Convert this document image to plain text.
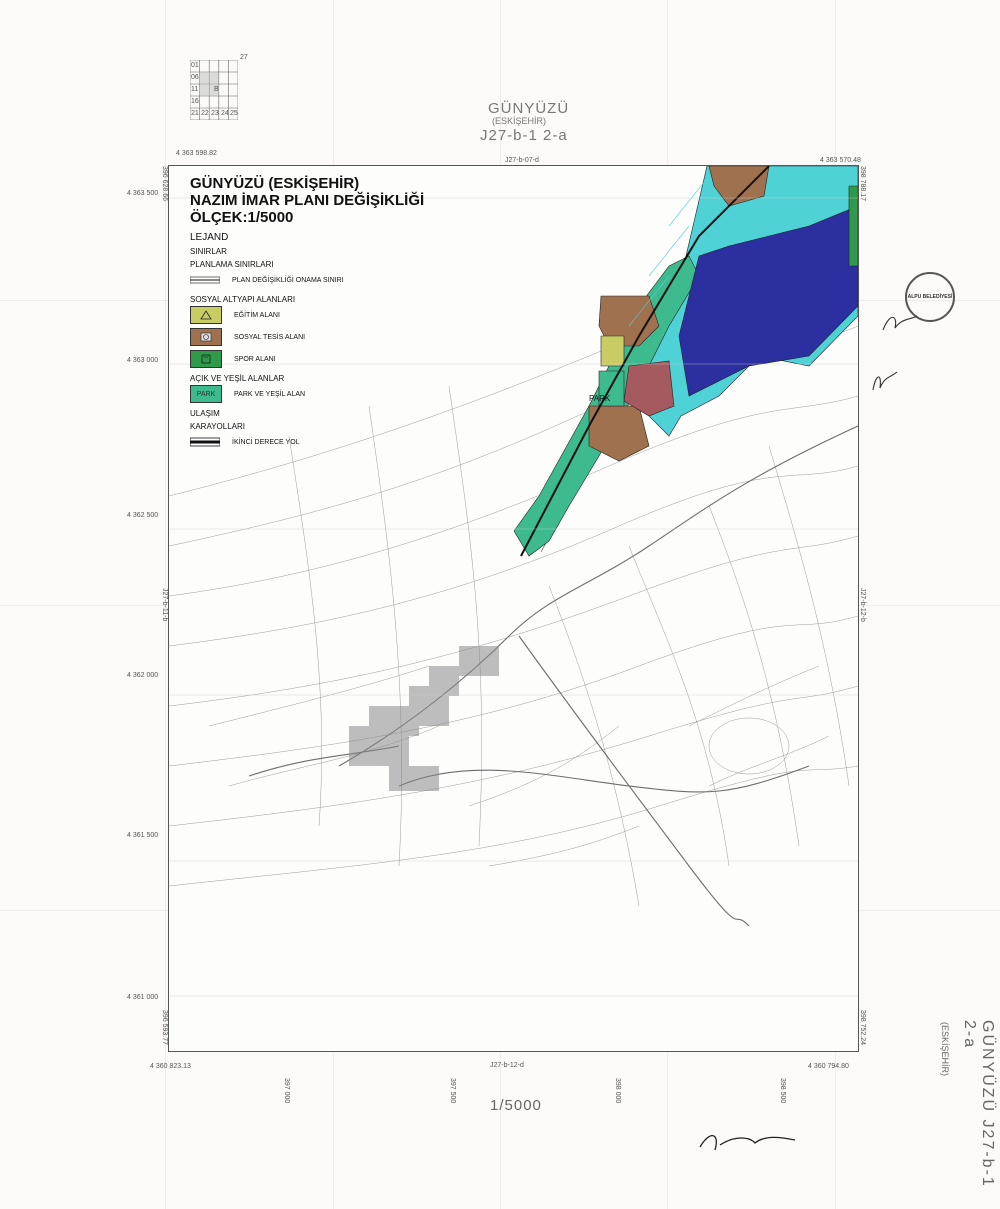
27
01
06
11
16
21 22 23 24 25
B
GÜNYÜZÜ
(ESKİŞEHİR)
J27-b-1 2-a
PARK
4 363 598.82
4 363 570.48
J27-b-07-d
4 360 823.13	4 360 794.80
J27-b-12-d
4 363 500
4 363 000
4 362 500
4 362 000
4 361 500
4 361 000
397 000	397 500	398 000	398 500
J27-b-11-b	J27-b-12-b
396 628.66
396 593.77
398 788.17
398 752.24
GÜNYÜZÜ (ESKİŞEHİR)
NAZIM İMAR PLANI DEĞİŞİKLİĞİ
ÖLÇEK:1/5000
LEJAND
SINIRLAR
PLANLAMA SINIRLARI
PLAN DEĞİŞİKLİĞİ ONAMA SINIRI
SOSYAL ALTYAPI ALANLARI
EĞİTİM ALANI
SOSYAL TESİS ALANI
SPOR ALANI
AÇIK VE YEŞİL ALANLAR
PARK	PARK VE YEŞİL ALAN
ULAŞIM
KARAYOLLARI
İKİNCİ DERECE YOL
ALPU BELEDİYESİ
1/5000	GÜNYÜZÜ J27-b-1 2-a
(ESKİŞEHİR)
